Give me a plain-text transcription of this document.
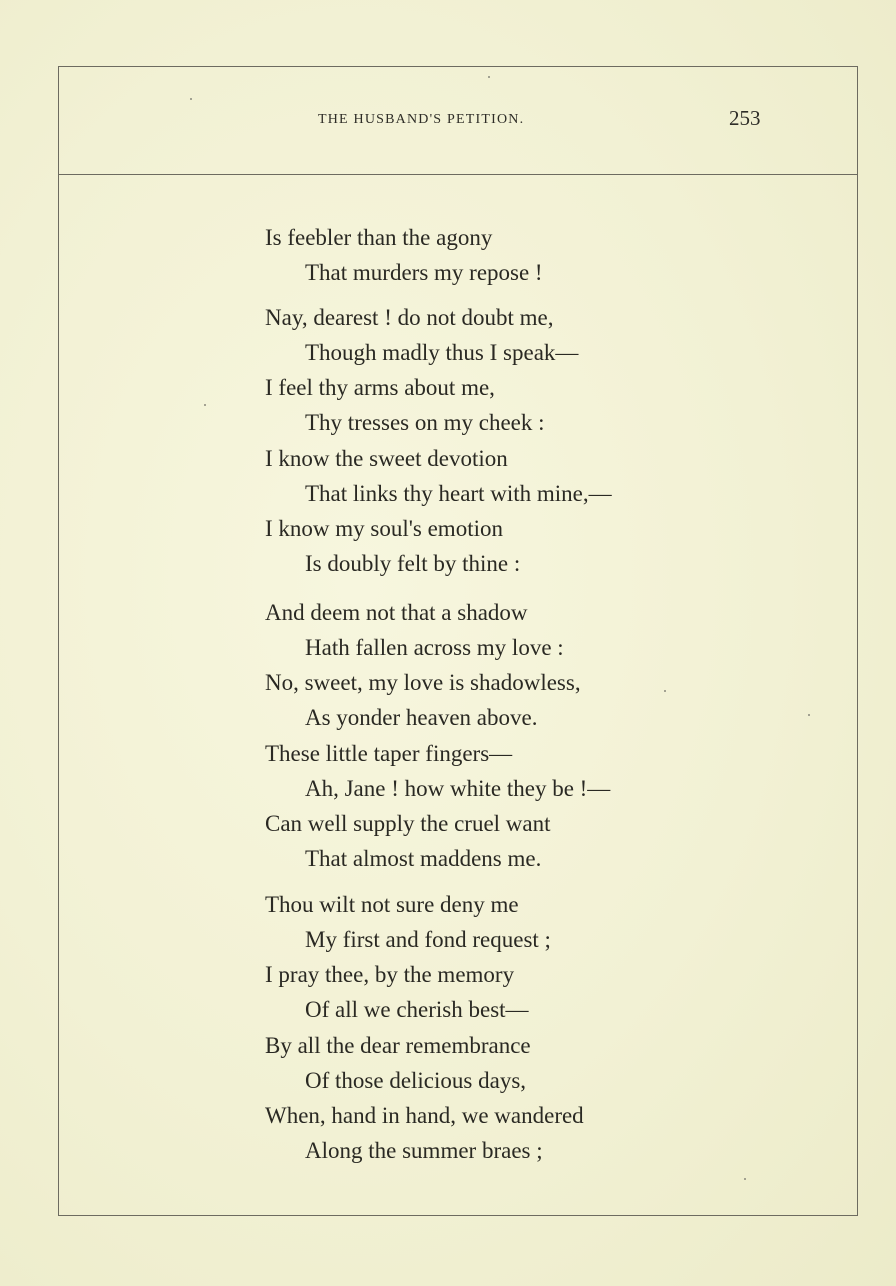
THE HUSBAND'S PETITION.	253
Is feebler than the agony
That murders my repose !
Nay, dearest ! do not doubt me,
Though madly thus I speak—
I feel thy arms about me,
Thy tresses on my cheek :
I know the sweet devotion
That links thy heart with mine,—
I know my soul's emotion
Is doubly felt by thine :
And deem not that a shadow
Hath fallen across my love :
No, sweet, my love is shadowless,
As yonder heaven above.
These little taper fingers—
Ah, Jane ! how white they be !—
Can well supply the cruel want
That almost maddens me.
Thou wilt not sure deny me
My first and fond request ;
I pray thee, by the memory
Of all we cherish best—
By all the dear remembrance
Of those delicious days,
When, hand in hand, we wandered
Along the summer braes ;
